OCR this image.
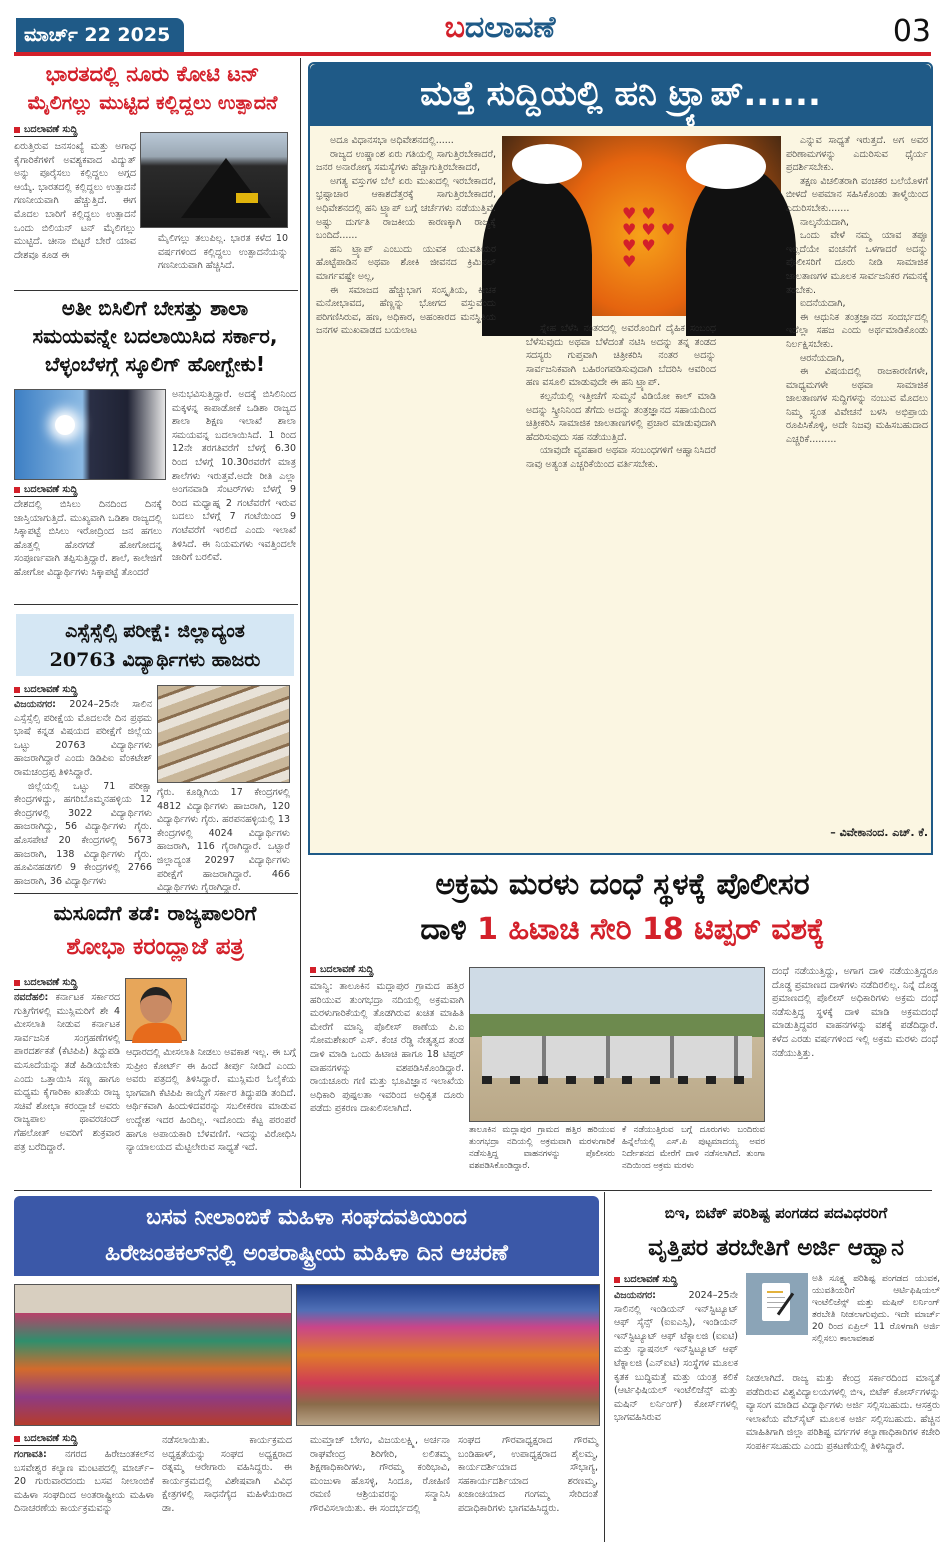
ಮಾರ್ಚ್ 22 2025	ಬದಲಾವಣೆ	03
ಭಾರತದಲ್ಲಿ ನೂರು ಕೋಟಿ ಟನ್
ಮೈಲಿಗಲ್ಲು ಮುಟ್ಟಿದ ಕಲ್ಲಿದ್ದಲು ಉತ್ಪಾದನೆ
ಬದಲಾವಣೆ ಸುದ್ದಿ
ಏರುತ್ತಿರುವ ಜನಸಂಖ್ಯೆ ಮತ್ತು ಅಗಾಧ ಕೈಗಾರಿಕೆಗಳಿಗೆ ಅವಶ್ಯಕವಾದ ವಿದ್ಯುತ್ ಅನ್ನು ಪೂರೈಸಲು ಕಲ್ಲಿದ್ದಲು ಅಗ್ಗದ ಆಯ್ಕೆ. ಭಾರತದಲ್ಲಿ ಕಲ್ಲಿದ್ದಲು ಉತ್ಪಾದನೆ ಗಣನೀಯವಾಗಿ ಹೆಚ್ಚುತ್ತಿದೆ. ಈಗ ಮೊದಲ ಬಾರಿಗೆ ಕಲ್ಲಿದ್ದಲು ಉತ್ಪಾದನೆ ಒಂದು ಬಿಲಿಯನ್ ಟನ್ ಮೈಲಿಗಲ್ಲು ಮುಟ್ಟಿದೆ. ಚೀನಾ ಬಿಟ್ಟರೆ ಬೇರೆ ಯಾವ ದೇಶವೂ ಕೂಡ ಈ
ಮೈಲಿಗಲ್ಲು ತಲುಪಿಲ್ಲ. ಭಾರತ ಕಳೆದ 10 ವರ್ಷಗಳಿಂದ ಕಲ್ಲಿದ್ದಲು ಉತ್ಪಾದನೆಯನ್ನು ಗಣನೀಯವಾಗಿ ಹೆಚ್ಚಿಸಿದೆ.
ಅತೀ ಬಿಸಿಲಿಗೆ ಬೇಸತ್ತು ಶಾಲಾ
ಸಮಯವನ್ನೇ ಬದಲಾಯಿಸಿದ ಸರ್ಕಾರ,
ಬೆಳ್ಳಂಬೆಳಗ್ಗೆ ಸ್ಕೂಲಿಗ್ ಹೋಗ್ಬೇಕು!
ಬದಲಾವಣೆ ಸುದ್ದಿ
ದೇಶದಲ್ಲಿ ಬಿಸಿಲು ದಿನದಿಂದ ದಿನಕ್ಕೆ ಜಾಸ್ತಿಯಾಗುತ್ತಿದೆ. ಮುಖ್ಯವಾಗಿ ಒಡಿಶಾ ರಾಜ್ಯದಲ್ಲಿ ಸಿಕ್ಕಾಪಟ್ಟೆ ಬಿಸಿಲು ಇರೋದ್ರಿಂದ ಜನ ಹಗಲು ಹೊತ್ತಲ್ಲಿ ಹೊರಗಡೆ ಹೋಗೋದನ್ನ ಸಂಪೂರ್ಣವಾಗಿ ತಪ್ಪಿಸುತ್ತಿದ್ದಾರೆ. ಶಾಲೆ, ಕಾಲೇಜಿಗೆ ಹೋಗೋ ವಿದ್ಯಾರ್ಥಿಗಳು ಸಿಕ್ಕಾಪಟ್ಟೆ ತೊಂದರೆ
ಅನುಭವಿಸುತ್ತಿದ್ದಾರೆ. ಅದಕ್ಕೆ ಬಿಸಿಲಿನಿಂದ ಮಕ್ಕಳನ್ನ ಕಾಪಾಡೋಕೆ ಒಡಿಶಾ ರಾಜ್ಯದ ಶಾಲಾ ಶಿಕ್ಷಣ ಇಲಾಖೆ ಶಾಲಾ ಸಮಯವನ್ನ ಬದಲಾಯಿಸಿದೆ. 1 ರಿಂದ 12ನೇ ತರಗತಿವರೆಗೆ ಬೆಳಗ್ಗೆ 6.30 ರಿಂದ ಬೆಳಗ್ಗೆ 10.30ರವರೆಗೆ ಮಾತ್ರ ಶಾಲೆಗಳು ಇರುತ್ತವೆ.ಅದೇ ರೀತಿ ಎಲ್ಲಾ ಅಂಗನವಾಡಿ ಸೆಂಟರ್‌ಗಳು ಬೆಳಗ್ಗೆ 9 ರಿಂದ ಮಧ್ಯಾಹ್ನ 2 ಗಂಟೆವರೆಗೆ ಇರುವ ಬದಲು ಬೆಳಗ್ಗೆ 7 ಗಂಟೆಯಿಂದ 9 ಗಂಟೆವರೆಗೆ ಇರಲಿದೆ ಎಂದು ಇಲಾಖೆ ತಿಳಿಸಿದೆ. ಈ ನಿಯಮಗಳು ಇವತ್ತಿಂದಲೇ ಜಾರಿಗೆ ಬರಲಿವೆ.
ಎಸ್ಸೆಸ್ಸೆಲ್ಸಿ ಪರೀಕ್ಷೆ: ಜಿಲ್ಲಾದ್ಯಂತ
20763 ವಿದ್ಯಾರ್ಥಿಗಳು ಹಾಜರು
ಬದಲಾವಣೆ ಸುದ್ದಿ
ವಿಜಯನಗರ: 2024–25ನೇ ಸಾಲಿನ ಎಸ್ಸೆಸ್ಸೆಲ್ಸಿ ಪರೀಕ್ಷೆಯ ಮೊದಲನೇ ದಿನ ಪ್ರಥಮ ಭಾಷೆ ಕನ್ನಡ ವಿಷಯದ ಪರೀಕ್ಷೆಗೆ ಜಿಲ್ಲೆಯ ಒಟ್ಟು 20763 ವಿದ್ಯಾರ್ಥಿಗಳು ಹಾಜರಾಗಿದ್ದಾರೆ ಎಂದು ಡಿಡಿಪಿಐ ವೆಂಕಟೇಶ್ ರಾಮಚಂದ್ರಪ್ಪ ತಿಳಿಸಿದ್ದಾರೆ.

ಜಿಲ್ಲೆಯಲ್ಲಿ ಒಟ್ಟು 71 ಪರೀಕ್ಷಾ ಕೇಂದ್ರಗಳಿದ್ದು, ಹಗರಿಬೊಮ್ಮನಹಳ್ಳಿಯ 12 ಕೇಂದ್ರಗಳಲ್ಲಿ 3022 ವಿದ್ಯಾರ್ಥಿಗಳು ಹಾಜರಾಗಿದ್ದು, 56 ವಿದ್ಯಾರ್ಥಿಗಳು ಗೈರು. ಹೊಸಪೇಟೆ 20 ಕೇಂದ್ರಗಳಲ್ಲಿ 5673 ಹಾಜರಾಗಿ, 138 ವಿದ್ಯಾರ್ಥಿಗಳು ಗೈರು. ಹೂವಿನಹಡಗಲಿ 9 ಕೇಂದ್ರಗಳಲ್ಲಿ 2766 ಹಾಜರಾಗಿ, 36 ವಿದ್ಯಾರ್ಥಿಗಳು

ಗೈರು. ಕೂಡ್ಲಿಗಿಯ 17 ಕೇಂದ್ರಗಳಲ್ಲಿ 4812 ವಿದ್ಯಾರ್ಥಿಗಳು ಹಾಜರಾಗಿ, 120 ವಿದ್ಯಾರ್ಥಿಗಳು ಗೈರು. ಹರಪನಹಳ್ಳಿಯಲ್ಲಿ 13 ಕೇಂದ್ರಗಳಲ್ಲಿ 4024 ವಿದ್ಯಾರ್ಥಿಗಳು ಹಾಜರಾಗಿ, 116 ಗೈರಾಗಿದ್ದಾರೆ. ಒಟ್ಟಾರೆ ಜಿಲ್ಲಾದ್ಯಂತ 20297 ವಿದ್ಯಾರ್ಥಿಗಳು ಪರೀಕ್ಷೆಗೆ ಹಾಜರಾಗಿದ್ದಾರೆ. 466 ವಿದ್ಯಾರ್ಥಿಗಳು ಗೈರಾಗಿದ್ದಾರೆ.
ಮಸೂದೆಗೆ ತಡೆ: ರಾಜ್ಯಪಾಲರಿಗೆ
ಶೋಭಾ ಕರಂದ್ಲಾಜೆ ಪತ್ರ
ಬದಲಾವಣೆ ಸುದ್ದಿ
ನವದೆಹಲಿ: ಕರ್ನಾಟಕ ಸರ್ಕಾರದ ಗುತ್ತಿಗೆಗಳಲ್ಲಿ ಮುಸ್ಲಿಮರಿಗೆ ಶೇ 4 ಮೀಸಲಾತಿ ನೀಡುವ ಕರ್ನಾಟಕ ಸಾರ್ವಜನಿಕ ಸಂಗ್ರಹಣೆಗಳಲ್ಲಿ ಪಾರದರ್ಶಕತೆ (ಕೆಟಿಪಿಪಿ) ತಿದ್ದುಪಡಿ ಮಸೂದೆಯನ್ನು ತಡೆ ಹಿಡಿಯಬೇಕು ಎಂದು ಒತ್ತಾಯಿಸಿ ಸಣ್ಣ ಹಾಗೂ ಮಧ್ಯಮ ಕೈಗಾರಿಕಾ ಖಾತೆಯ ರಾಜ್ಯ ಸಚಿವೆ ಶೋಭಾ ಕರಂದ್ಲಾಜೆ ಅವರು ರಾಜ್ಯಪಾಲ ಥಾವರಚಂದ್ ಗೆಹಲೋತ್ ಅವರಿಗೆ ಶುಕ್ರವಾರ ಪತ್ರ ಬರೆದಿದ್ದಾರೆ.
ಆಧಾರದಲ್ಲಿ ಮೀಸಲಾತಿ ನೀಡಲು ಅವಕಾಶ ಇಲ್ಲ. ಈ ಬಗ್ಗೆ ಸುಪ್ರೀಂ ಕೋರ್ಟ್ ಈ ಹಿಂದೆ ತೀರ್ಪು ನೀಡಿದೆ ಎಂದು ಅವರು ಪತ್ರದಲ್ಲಿ ತಿಳಿಸಿದ್ದಾರೆ. ಮುಸ್ಲಿಮರ ಓಲೈಕೆಯ ಭಾಗವಾಗಿ ಕೆಟಿಪಿಪಿ ಕಾಯ್ದೆಗೆ ಸರ್ಕಾರ ತಿದ್ದುಪಡಿ ತಂದಿದೆ. ಆರ್ಥಿಕವಾಗಿ ಹಿಂದುಳಿದವರನ್ನು ಸಬಲೀಕರಣ ಮಾಡುವ ಉದ್ದೇಶ ಇದರ ಹಿಂದಿಲ್ಲ. ಇದೊಂದು ಕೆಟ್ಟ ಪರಂಪರೆ ಹಾಗೂ ಅಪಾಯಕಾರಿ ಬೆಳವಣಿಗೆ. ಇದನ್ನು ವಿರೋಧಿಸಿ ನ್ಯಾಯಾಲಯದ ಮೆಟ್ಟಿಲೇರುವ ಸಾಧ್ಯತೆ ಇದೆ.
ಮತ್ತೆ ಸುದ್ದಿಯಲ್ಲಿ ಹನಿ ಟ್ರ್ಯಾಪ್......
♥ ♥
♥ ♥ ♥
♥ ♥
♥

ಅದೂ ವಿಧಾನಸಭಾ ಅಧಿವೇಶನದಲ್ಲಿ......

ರಾಜ್ಯದ ಉಷ್ಣಾಂಶ ಏರು ಗತಿಯಲ್ಲಿ ಸಾಗುತ್ತಿರಬೇಕಾದರೆ, ಜನರ ಅನಾರೋಗ್ಯ ಸಮಸ್ಯೆಗಳು ಹೆಚ್ಚಾಗುತ್ತಿರಬೇಕಾದರೆ,

ಅಗತ್ಯ ವಸ್ತುಗಳ ಬೆಲೆ ಏರು ಮುಖದಲ್ಲಿ ಇರಬೇಕಾದರೆ, ಭ್ರಷ್ಟಾಚಾರ ಆಕಾಶದೆತ್ತರಕ್ಕೆ ಸಾಗುತ್ತಿರಬೇಕಾದರೆ, ಅಧಿವೇಶನದಲ್ಲಿ ಹನಿ ಟ್ರ್ಯಾಪ್ ಬಗ್ಗೆ ಚರ್ಚೆಗಳು ನಡೆಯುತ್ತಿವೆ. ಅಷ್ಟು ದುರ್ಗತಿ ರಾಜಕೀಯ ಕಾರಣಕ್ಕಾಗಿ ರಾಜ್ಯಕ್ಕೆ ಬಂದಿದೆ......

ಹನಿ ಟ್ರ್ಯಾಪ್ ಎಂಬುದು ಯುವಕ ಯುವತಿಯರ ಹೊಟ್ಟೆಪಾಡಿನ ಅಥವಾ ಶೋಕಿ ಜೀವನದ ಕ್ರಿಮಿನಲ್ ಮಾರ್ಗವಷ್ಟೇ ಅಲ್ಲ,

ಈ ಸಮಾಜದ ಹೆಚ್ಚುಭಾಗ ಸಂಸ್ಕೃತಿಯ, ಕೀಚಕ ಮನೋಭಾವದ, ಹೆಣ್ಣನ್ನು ಭೋಗದ ವಸ್ತುವೆಂದು ಪರಿಗಣಿಸಿರುವ, ಹಣ, ಅಧಿಕಾರ, ಅಹಂಕಾರದ ಮನಸ್ಥಿತಿಯ ಜನಗಳ ಮುಖವಾಡದ ಬಯಲಾಟ	ಸ್ನೇಹ ಬೆಳೆಸಿ ನಂತರದಲ್ಲಿ ಅವರೊಂದಿಗೆ ದೈಹಿಕ ಸಂಬಂಧ ಬೆಳೆಸುವುದು ಅಥವಾ ಬೆಳೆದಂತೆ ನಟಿಸಿ ಅದನ್ನು ತನ್ನ ತಂಡದ ಸದಸ್ಯರು ಗುಪ್ತವಾಗಿ ಚಿತ್ರೀಕರಿಸಿ ನಂತರ ಅದನ್ನು ಸಾರ್ವಜನಿಕವಾಗಿ ಬಹಿರಂಗಪಡಿಸುವುದಾಗಿ ಬೆದರಿಸಿ ಆವರಿಂದ ಹಣ ವಸೂಲಿ ಮಾಡುವುದೇ ಈ ಹನಿ ಟ್ರ್ಯಾಪ್.

ಕಲ್ಪನೆಯಲ್ಲಿ ಇತ್ತೀಚೆಗೆ ಸುಮ್ಮನೆ ವಿಡಿಯೋ ಕಾಲ್ ಮಾಡಿ ಅದನ್ನು ಸ್ಕ್ರೀನಿನಿಂದ ತೆಗೆದು ಅದನ್ನು ತಂತ್ರಜ್ಞಾನದ ಸಹಾಯದಿಂದ ಚಿತ್ರೀಕರಿಸಿ ಸಾಮಾಜಿಕ ಜಾಲತಾಣಗಳಲ್ಲಿ ಪ್ರಚಾರ ಮಾಡುವುದಾಗಿ ಹೆದರಿಸುವುದು ಸಹ ನಡೆಯುತ್ತಿದೆ.

ಯಾವುದೇ ವ್ಯವಹಾರ ಅಥವಾ ಸಂಬಂಧಗಳಿಗೆ ಆಹ್ವಾನಿಸಿದರೆ ನಾವು ಅತ್ಯಂತ ಎಚ್ಚರಿಕೆಯಿಂದ ವರ್ತಿಸಬೇಕು.

ಎನ್ನುವ ಸಾಧ್ಯತೆ ಇರುತ್ತದೆ. ಅಗ ಅವರ ಪರಿಣಾಮಗಳನ್ನು ಎದುರಿಸುವ ಧೈರ್ಯ ಪ್ರದರ್ಶಿಸಬೇಕು.

ತಕ್ಷಣ ವಿಚಲಿತರಾಗಿ ವಂಚಕರ ಬಲೆಯೊಳಗೆ ಬೀಳದೆ ಅಪಮಾನ ಸಹಿಸಿಕೊಂಡು ತಾಳ್ಮೆಯಿಂದ ಎದುರಿಸಬೇಕು.......

ನಾಲ್ಕನೆಯದಾಗಿ,

ಒಂದು ವೇಳೆ ನಮ್ಮ ಯಾವ ತಪ್ಪೂ ಇಲ್ಲದೆಯೇ ವಂಚನೆಗೆ ಒಳಗಾದರೆ ಅದನ್ನು ಪೊಲೀಸರಿಗೆ ದೂರು ನೀಡಿ ಸಾಮಾಜಿಕ ಜಾಲತಾಣಗಳ ಮೂಲಕ ಸಾರ್ವಜನಿಕರ ಗಮನಕ್ಕೆ ತರಬೇಕು.

ಐದನೆಯದಾಗಿ,

ಈ ಆಧುನಿಕ ತಂತ್ರಜ್ಞಾನದ ಸಂದರ್ಭದಲ್ಲಿ ಇದೆಲ್ಲಾ ಸಹಜ ಎಂದು ಅರ್ಥಮಾಡಿಕೊಂಡು ನಿರ್ಲಕ್ಷಿಸಬೇಕು.

ಆರನೆಯದಾಗಿ,

ಈ ವಿಷಯದಲ್ಲಿ ರಾಜಕಾರಣಿಗಳೇ, ಮಾಧ್ಯಮಗಳೇ ಅಥವಾ ಸಾಮಾಜಿಕ ಜಾಲತಾಣಗಳ ಸುದ್ದಿಗಳನ್ನು ನಂಬುವ ಮೊದಲು ನಿಮ್ಮ ಸ್ವಂತ ವಿವೇಚನೆ ಬಳಸಿ ಅಭಿಪ್ರಾಯ ರೂಪಿಸಿಕೊಳ್ಳಿ, ಅದೇ ನಿಜವು ಮಹಿಸಬಹುದಾದ ಎಚ್ಚರಿಕೆ.........

– ವಿವೇಕಾನಂದ. ಎಚ್. ಕೆ.
ಅಕ್ರಮ ಮರಳು ದಂಧೆ ಸ್ಥಳಕ್ಕೆ ಪೊಲೀಸರ
ದಾಳಿ 1 ಹಿಟಾಚಿ ಸೇರಿ 18 ಟಿಪ್ಪರ್ ವಶಕ್ಕೆ
ಬದಲಾವಣೆ ಸುದ್ದಿ
ಮಾನ್ವಿ: ತಾಲೂಕಿನ ಮದ್ಲಾಪುರ ಗ್ರಾಮದ ಹತ್ತಿರ ಹರಿಯುವ ತುಂಗಭದ್ರಾ ನದಿಯಲ್ಲಿ ಅಕ್ರಮವಾಗಿ ಮರಳುಗಾರಿಕೆಯಲ್ಲಿ ತೊಡಗಿರುವ ಖಚಿತ ಮಾಹಿತಿ ಮೇರೆಗೆ ಮಾನ್ವಿ ಪೊಲೀಸ್ ಠಾಣೆಯ ಪಿ.ಐ ಸೋಮಶೇಖರ್ ಎಸ್. ಕೆಂಚ ರೆಡ್ಡಿ ನೇತೃತ್ವದ ತಂಡ ದಾಳಿ ಮಾಡಿ ಒಂದು ಹಿಟಾಚಿ ಹಾಗೂ 18 ಟಿಪ್ಪರ್ ವಾಹನಗಳನ್ನು ವಶಪಡಿಸಿಕೊಂಡಿದ್ದಾರೆ. ರಾಯಚೂರು ಗಣಿ ಮತ್ತು ಭೂವಿಜ್ಞಾನ ಇಲಾಖೆಯ ಅಧಿಕಾರಿ ಪುಷ್ಪಲತಾ ಇವರಿಂದ ಅಧಿಕೃತ ದೂರು ಪಡೆದು ಪ್ರಕರಣ ದಾಖಲಿಸಲಾಗಿದೆ.
ತಾಲೂಕಿನ ಮದ್ಲಾಪುರ ಗ್ರಾಮದ ಹತ್ತಿರ ಹರಿಯುವ ತುಂಗಭದ್ರಾ ನದಿಯಲ್ಲಿ ಅಕ್ರಮವಾಗಿ ಮರಳುಗಾರಿಕೆ ನಡೆಸುತ್ತಿದ್ದ ವಾಹನಗಳನ್ನು ಪೊಲೀಸರು ವಶಪಡಿಸಿಕೊಂಡಿದ್ದಾರೆ.
ಕೆ ನಡೆಯುತ್ತಿರುವ ಬಗ್ಗೆ ದೂರುಗಳು ಬಂದಿರುವ ಹಿನ್ನೆಲೆಯಲ್ಲಿ ಎಸ್.ಪಿ ಪುಟ್ಟಮಾದಯ್ಯ ಅವರ ನಿರ್ದೇಶನದ ಮೇರೆಗೆ ದಾಳಿ ನಡೆಸಲಾಗಿದೆ. ತುಂಗಾ ನದಿಯಿಂದ ಅಕ್ರಮ ಮರಳು
ದಂಧೆ ನಡೆಯುತ್ತಿದ್ದು, ಅಗಾಗ ದಾಳಿ ನಡೆಯುತ್ತಿದ್ದರೂ ದೊಡ್ಡ ಪ್ರಮಾಣದ ದಾಳಿಗಳು ನಡೆದಿರಲಿಲ್ಲ. ನಿನ್ನೆ ದೊಡ್ಡ ಪ್ರಮಾಣದಲ್ಲಿ ಪೊಲೀಸ್ ಅಧಿಕಾರಿಗಳು ಅಕ್ರಮ ದಂಧೆ ನಡೆಸುತ್ತಿದ್ದ ಸ್ಥಳಕ್ಕೆ ದಾಳಿ ಮಾಡಿ ಅಕ್ರಮದಂಧೆ ಮಾಡುತ್ತಿದ್ದವರ ವಾಹನಗಳನ್ನು ವಶಕ್ಕೆ ಪಡೆದಿದ್ದಾರೆ. ಕಳೆದ ಎರಡು ವರ್ಷಗಳಿಂದ ಇಲ್ಲಿ ಅಕ್ರಮ ಮರಳು ದಂಧೆ ನಡೆಯುತ್ತಿತ್ತು.
ಬಸವ ನೀಲಾಂಬಿಕೆ ಮಹಿಳಾ ಸಂಘದವತಿಯಿಂದ
ಹಿರೇಜಂತಕಲ್‌ನಲ್ಲಿ ಅಂತರಾಷ್ಟ್ರೀಯ ಮಹಿಳಾ ದಿನ ಆಚರಣೆ
ಬದಲಾವಣೆ ಸುದ್ದಿ
ಗಂಗಾವತಿ: ನಗರದ ಹಿರೇಜಂತಕಲ್‌ನ ಬಸವೇಶ್ವರ ಕಲ್ಯಾಣ ಮಂಟಪದಲ್ಲಿ ಮಾರ್ಚ್–20 ಗುರುವಾರದಂದು ಬಸವ ನೀಲಾಂಬಿಕೆ ಮಹಿಳಾ ಸಂಘದಿಂದ ಅಂತರಾಷ್ಟ್ರೀಯ ಮಹಿಳಾ ದಿನಾಚರಣೆಯ ಕಾರ್ಯಕ್ರಮವನ್ನು
ನಡೆಸಲಾಯಿತು. ಕಾರ್ಯಕ್ರಮದ ಅಧ್ಯಕ್ಷತೆಯನ್ನು ಸಂಘದ ಅಧ್ಯಕ್ಷರಾದ ರತ್ನಮ್ಮ ಆರೇಗಾರು ವಹಿಸಿದ್ದರು. ಈ ಕಾರ್ಯಕ್ರಮದಲ್ಲಿ ವಿಶೇಷವಾಗಿ ವಿವಿಧ ಕ್ಷೇತ್ರಗಳಲ್ಲಿ ಸಾಧನೆಗೈದ ಮಹಿಳೆಯರಾದ ಡಾ.
ಮುಮ್ತಾಜ್ ಬೇಗಂ, ವಿಜಯಲಕ್ಷ್ಮಿ, ಅರ್ಚನಾ ರಾಘವೇಂದ್ರ ಶಿರಿಗೇರಿ, ಲಲಿತಮ್ಮ ಶಿಕ್ಷಣಾಧಿಕಾರಿಗಳು, ಗೌರಮ್ಮ ಕಂಠಿಭಾವಿ, ಮಂಜುಳಾ ಹೊಸಳ್ಳಿ, ಸಿಂದೂ, ರೋಹಿಣಿ ರಮಣಿ ಆಶ್ರಿಯವರನ್ನು ಸನ್ಮಾನಿಸಿ ಗೌರವಿಸಲಾಯಿತು. ಈ ಸಂದರ್ಭದಲ್ಲಿ
ಸಂಘದ ಗೌರವಾಧ್ಯಕ್ಷರಾದ ಗೌರಮ್ಮ ಬಂಡಿಹಾಳ್, ಉಪಾಧ್ಯಕ್ಷರಾದ ಶೈಲಮ್ಮ, ಕಾರ್ಯದರ್ಶಿಯಾದ ಸೌಭಾಗ್ಯ, ಸಹಕಾರ್ಯದರ್ಶಿಯಾದ ಶರಣಮ್ಮ, ಖಜಾಂಚಿಯಾದ ಗಂಗಮ್ಮ ಸೇರಿದಂತೆ ಪದಾಧಿಕಾರಿಗಳು ಭಾಗವಹಿಸಿದ್ದರು.
ಬಿಇ, ಬಿಟೆಕ್ ಪರಿಶಿಷ್ಟ ಪಂಗಡದ ಪದವಿಧರರಿಗೆ
ವೃತ್ತಿಪರ ತರಬೇತಿಗೆ ಅರ್ಜಿ ಆಹ್ವಾನ
ಬದಲಾವಣೆ ಸುದ್ದಿ
ವಿಜಯನಗರ: 2024–25ನೇ ಸಾಲಿನಲ್ಲಿ ಇಂಡಿಯನ್ ಇನ್‌ಸ್ಟಿಟ್ಯೂಟ್ ಆಫ್ ಸೈನ್ಸ್ (ಐಐಎಸ್ಸಿ), ಇಂಡಿಯನ್ ಇನ್‌ಸ್ಟಿಟ್ಯೂಟ್ ಆಫ್ ಟೆಕ್ನಾಲಜಿ (ಐಐಟಿ) ಮತ್ತು ನ್ಯಾಷನಲ್ ಇನ್‌ಸ್ಟಿಟ್ಯೂಟ್ ಆಫ್ ಟೆಕ್ನಾಲಜಿ (ಎನ್‌ಐಟಿ) ಸಂಸ್ಥೆಗಳ ಮೂಲಕ ಕೃತಕ ಬುದ್ಧಿಮತ್ತೆ ಮತ್ತು ಯಂತ್ರ ಕಲಿಕೆ (ಆರ್ಟಿಫಿಷಿಯಲ್ ಇಂಟೆಲಿಜೆನ್ಸ್ ಮತ್ತು ಮಷಿನ್ ಲರ್ನಿಂಗ್) ಕೋರ್ಸ್‌ಗಳಲ್ಲಿ ಭಾಗವಹಿಸಿರುವ
ಅತಿ ಸೂಕ್ಷ್ಮ ಪರಿಶಿಷ್ಟ ಪಂಗಡದ ಯುವಕ, ಯುವತಿಯರಿಗೆ ಆರ್ಟಿಫಿಷಿಯಲ್ ಇಂಟೆಲಿಜೆನ್ಸ್ ಮತ್ತು ಮಷಿನ್ ಲರ್ನಿಂಗ್ ತರಬೇತಿ ನೀಡಲಾಗುವುದು. ಇದೇ ಮಾರ್ಚ್ 20 ರಿಂದ ಏಪ್ರಿಲ್ 11 ರೊಳಗಾಗಿ ಅರ್ಜಿ ಸಲ್ಲಿಸಲು ಕಾಲಾವಕಾಶ
ನೀಡಲಾಗಿದೆ. ರಾಜ್ಯ ಮತ್ತು ಕೇಂದ್ರ ಸರ್ಕಾರದಿಂದ ಮಾನ್ಯತೆ ಪಡೆದಿರುವ ವಿಶ್ವವಿದ್ಯಾಲಯಗಳಲ್ಲಿ ಬಿಇ, ಬಿಟೆಕ್ ಕೋರ್ಸ್‌ಗಳನ್ನು ವ್ಯಾಸಂಗ ಮಾಡಿದ ವಿದ್ಯಾರ್ಥಿಗಳು ಅರ್ಜಿ ಸಲ್ಲಿಸಬಹುದು. ಆಸಕ್ತರು ಇಲಾಖೆಯ ವೆಬ್‌ಸೈಟ್ ಮೂಲಕ ಅರ್ಜಿ ಸಲ್ಲಿಸಬಹುದು. ಹೆಚ್ಚಿನ ಮಾಹಿತಿಗಾಗಿ ಜಿಲ್ಲಾ ಪರಿಶಿಷ್ಟ ವರ್ಗಗಳ ಕಲ್ಯಾಣಾಧಿಕಾರಿಗಳ ಕಚೇರಿ ಸಂಪರ್ಕಿಸಬಹುದು ಎಂದು ಪ್ರಕಟಣೆಯಲ್ಲಿ ತಿಳಿಸಿದ್ದಾರೆ.
